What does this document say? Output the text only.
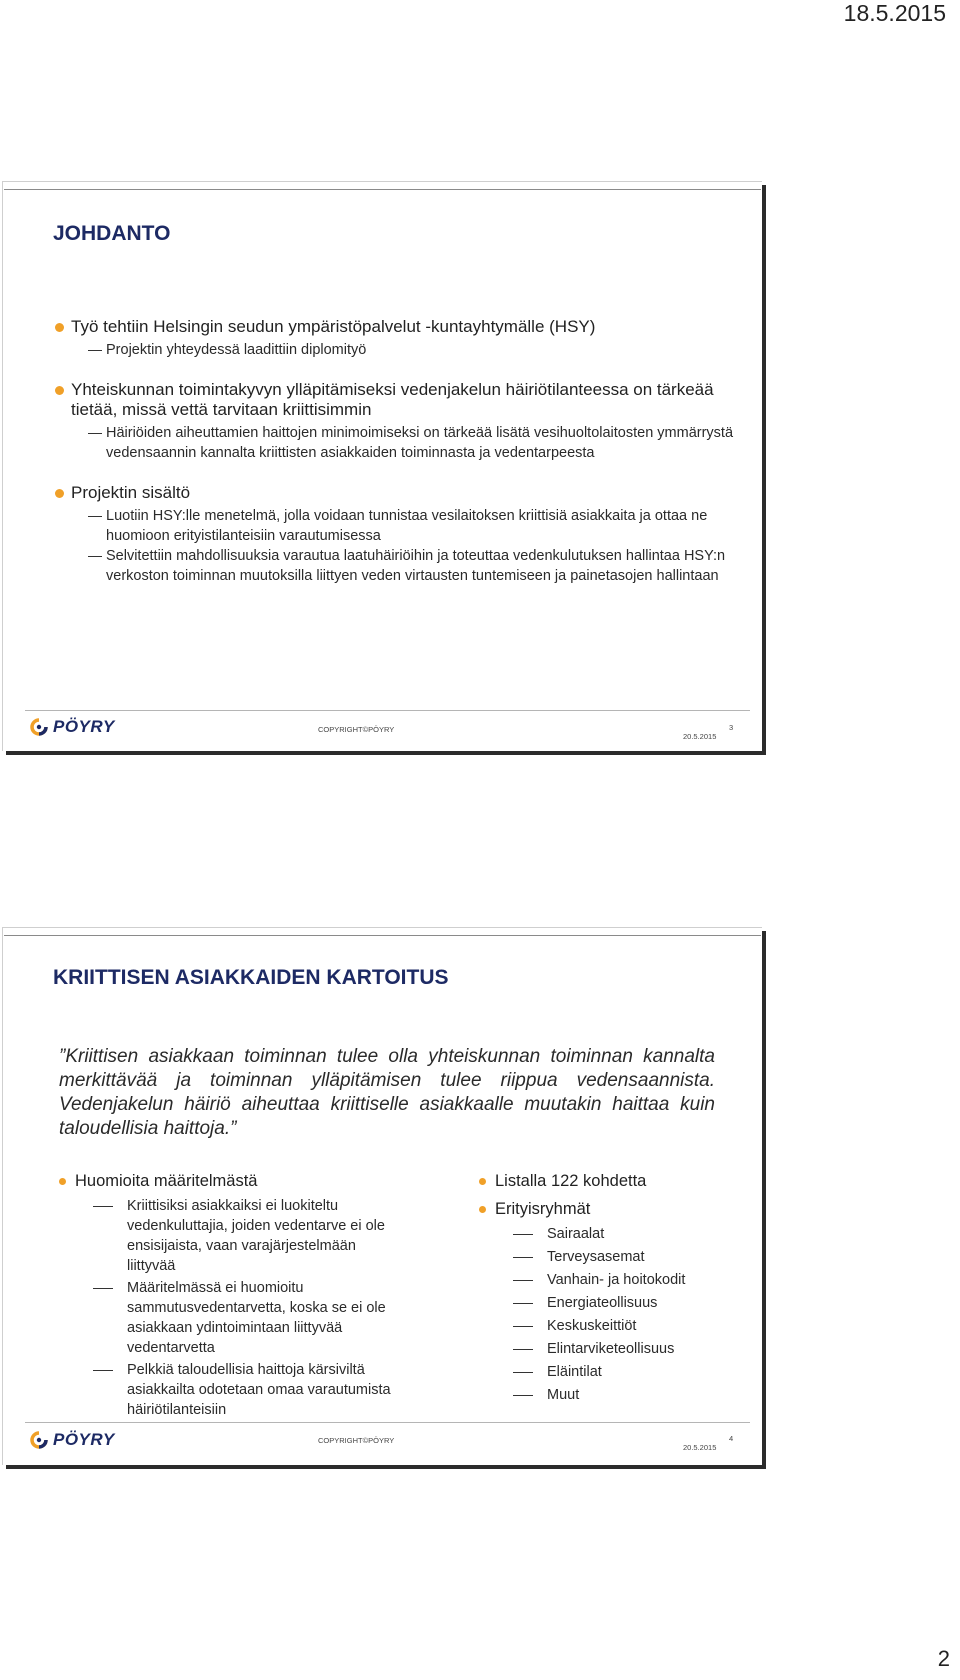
18.5.2015
JOHDANTO
Työ tehtiin Helsingin seudun ympäristöpalvelut -kuntayhtymälle (HSY)
Projektin yhteydessä laadittiin diplomityö
Yhteiskunnan toimintakyvyn ylläpitämiseksi vedenjakelun häiriötilanteessa on tärkeää tietää, missä vettä tarvitaan kriittisimmin
Häiriöiden aiheuttamien haittojen minimoimiseksi on tärkeää lisätä vesihuoltolaitosten ymmärrystä vedensaannin kannalta kriittisten asiakkaiden toiminnasta ja vedentarpeesta
Projektin sisältö
Luotiin HSY:lle menetelmä, jolla voidaan tunnistaa vesilaitoksen kriittisiä asiakkaita ja ottaa ne huomioon erityistilanteisiin varautumisessa
Selvitettiin mahdollisuuksia varautua laatuhäiriöihin ja toteuttaa vedenkulutuksen hallintaa HSY:n verkoston toiminnan muutoksilla liittyen veden virtausten tuntemiseen ja painetasojen hallintaan
PÖYRY	COPYRIGHT©PÖYRY
20.5.2015
3
KRIITTISEN ASIAKKAIDEN KARTOITUS

”Kriittisen asiakkaan toiminnan tulee olla yhteiskunnan toiminnan kannalta merkittävää ja toiminnan ylläpitämisen tulee riippua vedensaannista. Vedenjakelun häiriö aiheuttaa kriittiselle asiakkaalle muutakin haittaa kuin taloudellisia haittoja.”

Huomioita määritelmästä
Kriittisiksi asiakkaiksi ei luokiteltu vedenkuluttajia, joiden vedentarve ei ole ensisijaista, vaan varajärjestelmään liittyvää
Määritelmässä ei huomioitu sammutusvedentarvetta, koska se ei ole asiakkaan ydintoimintaan liittyvää vedentarvetta
Pelkkiä taloudellisia haittoja kärsiviltä asiakkailta odotetaan omaa varautumista häiriötilanteisiin
Listalla 122 kohdetta
Erityisryhmät
Sairaalat
Terveysasemat
Vanhain- ja hoitokodit
Energiateollisuus
Keskuskeittiöt
Elintarviketeollisuus
Eläintilat
Muut
PÖYRY	COPYRIGHT©PÖYRY
20.5.2015
4
2
